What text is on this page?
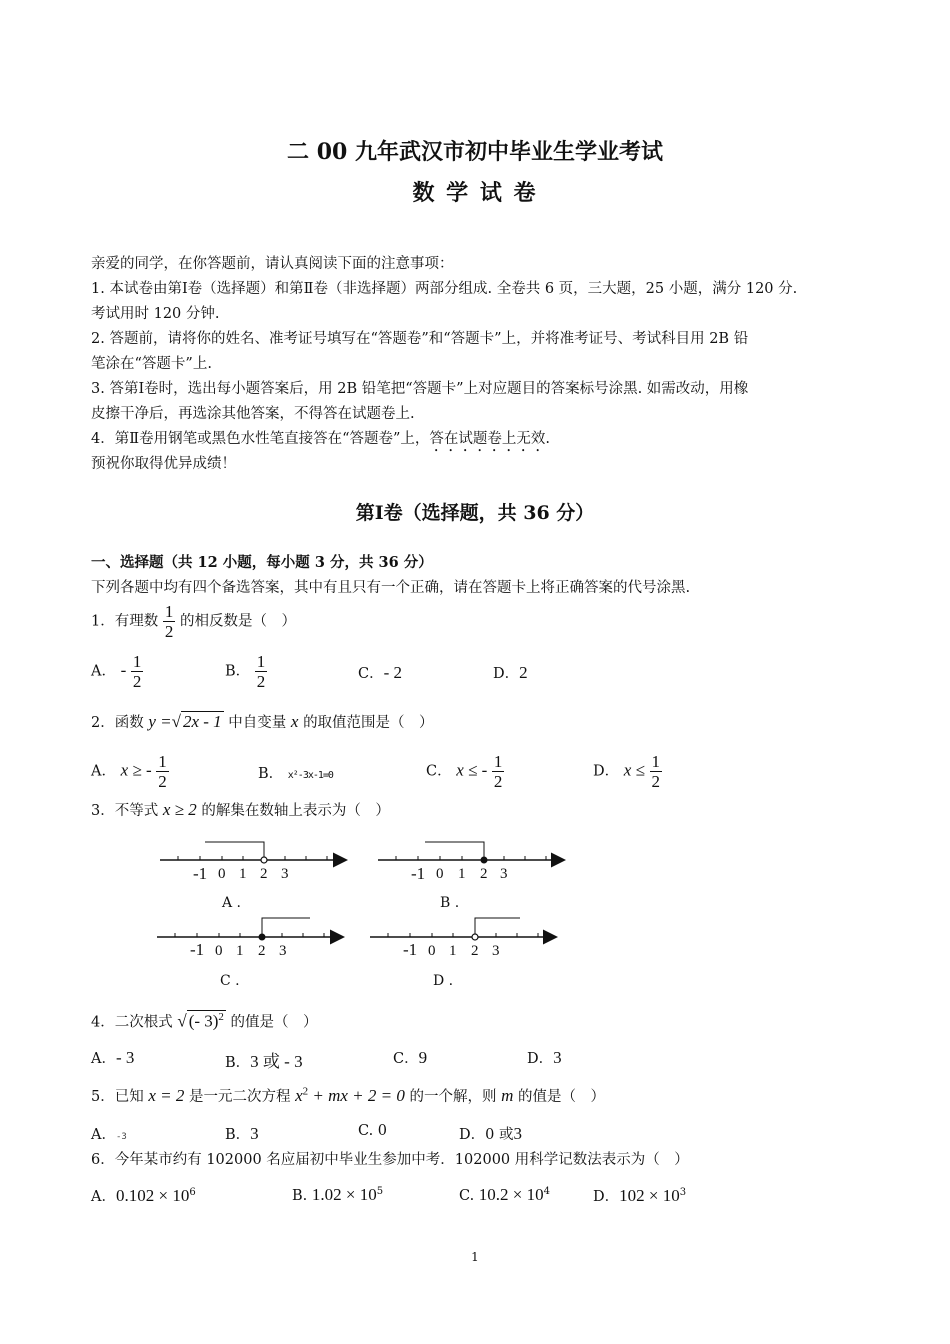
二 00 九年武汉市初中毕业生学业考试
数 学 试 卷
亲爱的同学，在你答题前，请认真阅读下面的注意事项：
1. 本试卷由第Ⅰ卷（选择题）和第Ⅱ卷（非选择题）两部分组成. 全卷共 6 页，三大题，25 小题，满分 120 分.
考试用时 120 分钟.
2. 答题前，请将你的姓名、准考证号填写在“答题卷”和“答题卡”上，并将准考证号、考试科目用 2B 铅
笔涂在“答题卡”上.
3. 答第Ⅰ卷时，选出每小题答案后，用 2B 铅笔把“答题卡”上对应题目的答案标号涂黑. 如需改动，用橡
皮擦干净后，再选涂其他答案，不得答在试题卷上.
4．第Ⅱ卷用钢笔或黑色水性笔直接答在“答题卷”上，答在试题卷上无效.
预祝你取得优异成绩！
第Ⅰ卷（选择题，共 36 分）
一、选择题（共 12 小题，每小题 3 分，共 36 分）
下列各题中均有四个备选答案，其中有且只有一个正确，请在答题卡上将正确答案的代号涂黑.
1．有理数 $\frac{1}{2}$ 的相反数是（　）
A． - $\frac{1}{2}$	B． $\frac{1}{2}$	C．- 2	D．2
2．函数 y =√ 2x - 1 中自变量 x 的取值范围是（　）
A． x ≥ - $\frac{1}{2}$	B． x²-3x-1=0	C． x ≤ - $\frac{1}{2}$	D． $x \le \frac{1}{2}$
3．不等式 x ≥ 2 的解集在数轴上表示为（　）
-1 0 1 2 3
A .
-1 0 1 2 3
B .
-1 0 1 2 3
C .
-1 0 1 2 3
D .
4．二次根式 √ (- 3)$^2$ 的值是（　）
A．- 3	B．3 或 - 3	C．9	D．3
5．已知 x = 2 是一元二次方程 $x^2$ + mx + 2 = 0 的一个解，则 m 的值是（　）
A．-3	B．3	C. 0	D．0 或3
6．今年某市约有 102000 名应届初中毕业生参加中考．102000 用科学记数法表示为（　）
A．$0.102 \times 10^6$	B. $1.02 \times 10^5$	C. $10.2 \times 10^4$	D．$102 \times 10^3$
1
